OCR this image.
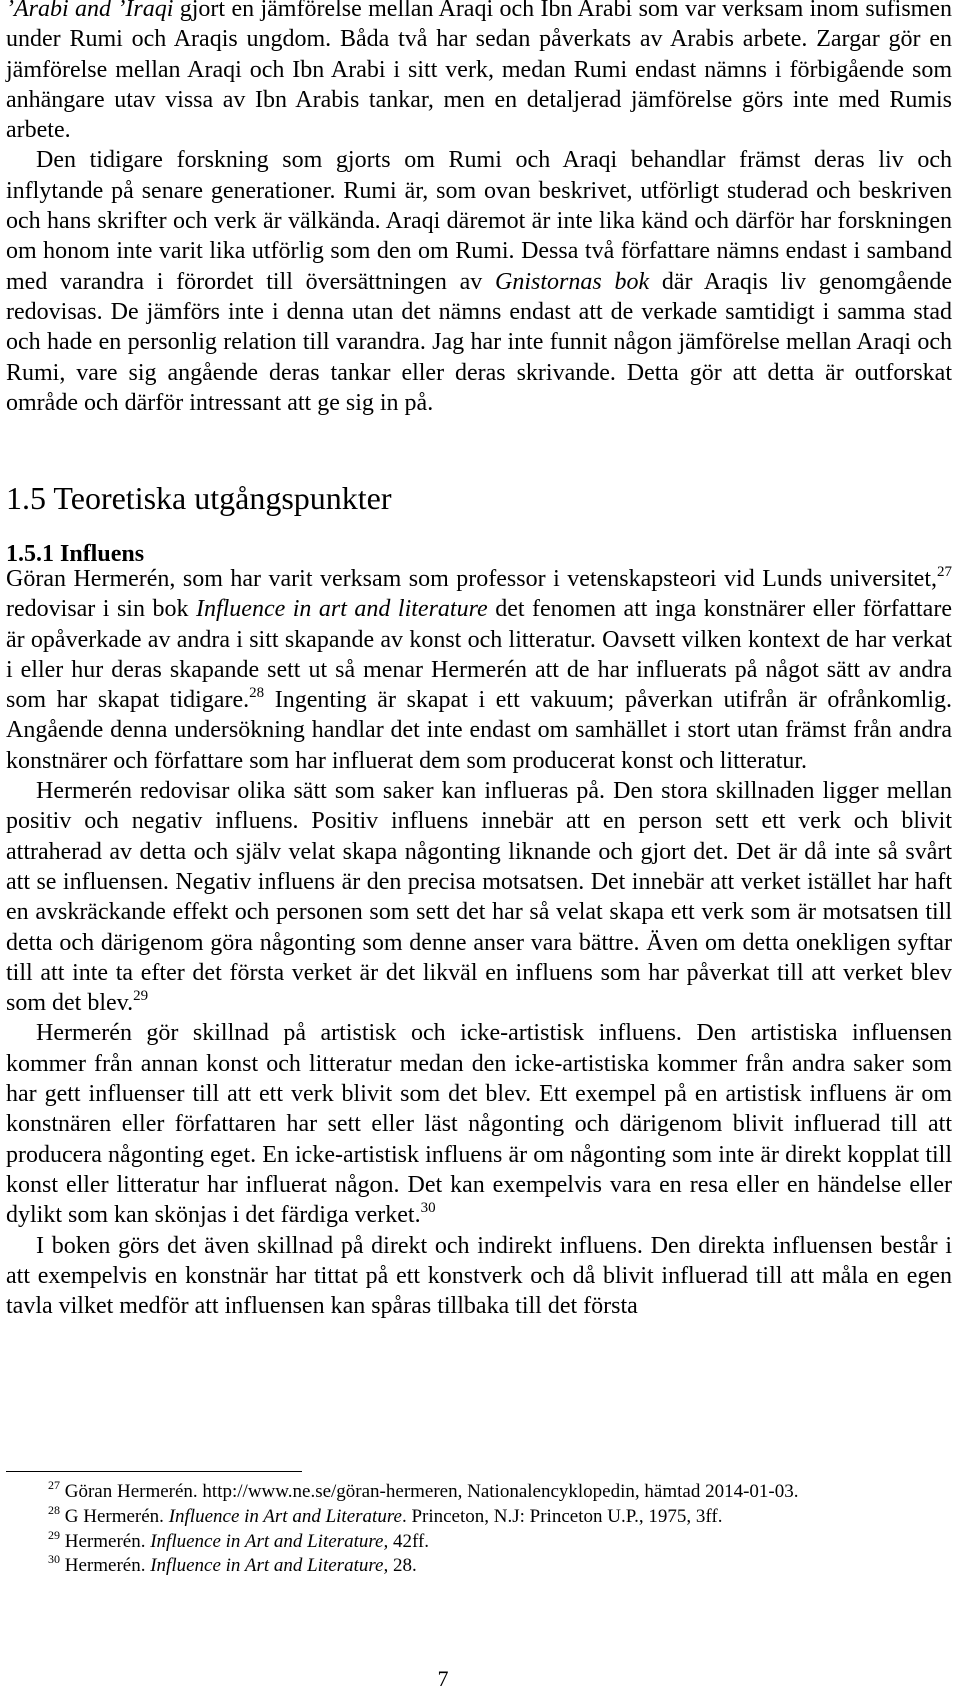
’Arabi and ’Iraqi gjort en jämförelse mellan Araqi och Ibn Arabi som var verksam inom sufismen under Rumi och Araqis ungdom. Båda två har sedan påverkats av Arabis arbete. Zargar gör en jämförelse mellan Araqi och Ibn Arabi i sitt verk, medan Rumi endast nämns i förbigående som anhängare utav vissa av Ibn Arabis tankar, men en detaljerad jämförelse görs inte med Rumis arbete.

Den tidigare forskning som gjorts om Rumi och Araqi behandlar främst deras liv och inflytande på senare generationer. Rumi är, som ovan beskrivet, utförligt studerad och beskriven och hans skrifter och verk är välkända. Araqi däremot är inte lika känd och därför har forskningen om honom inte varit lika utförlig som den om Rumi. Dessa två författare nämns endast i samband med varandra i förordet till översättningen av Gnistornas bok där Araqis liv genomgående redovisas. De jämförs inte i denna utan det nämns endast att de verkade samtidigt i samma stad och hade en personlig relation till varandra. Jag har inte funnit någon jämförelse mellan Araqi och Rumi, vare sig angående deras tankar eller deras skrivande. Detta gör att detta är outforskat område och därför intressant att ge sig in på.

1.5 Teoretiska utgångspunkter
1.5.1 Influens

Göran Hermerén, som har varit verksam som professor i vetenskapsteori vid Lunds universitet,$^{27}$ redovisar i sin bok Influence in art and literature det fenomen att inga konstnärer eller författare är opåverkade av andra i sitt skapande av konst och litteratur. Oavsett vilken kontext de har verkat i eller hur deras skapande sett ut så menar Hermerén att de har influerats på något sätt av andra som har skapat tidigare.$^{28}$ Ingenting är skapat i ett vakuum; påverkan utifrån är ofrånkomlig. Angående denna undersökning handlar det inte endast om samhället i stort utan främst från andra konstnärer och författare som har influerat dem som producerat konst och litteratur.

Hermerén redovisar olika sätt som saker kan influeras på. Den stora skillnaden ligger mellan positiv och negativ influens. Positiv influens innebär att en person sett ett verk och blivit attraherad av detta och själv velat skapa någonting liknande och gjort det. Det är då inte så svårt att se influensen. Negativ influens är den precisa motsatsen. Det innebär att verket istället har haft en avskräckande effekt och personen som sett det har så velat skapa ett verk som är motsatsen till detta och därigenom göra någonting som denne anser vara bättre. Även om detta onekligen syftar till att inte ta efter det första verket är det likväl en influens som har påverkat till att verket blev som det blev.$^{29}$

Hermerén gör skillnad på artistisk och icke-artistisk influens. Den artistiska influensen kommer från annan konst och litteratur medan den icke-artistiska kommer från andra saker som har gett influenser till att ett verk blivit som det blev. Ett exempel på en artistisk influens är om konstnären eller författaren har sett eller läst någonting och därigenom blivit influerad till att producera någonting eget. En icke-artistisk influens är om någonting som inte är direkt kopplat till konst eller litteratur har influerat någon. Det kan exempelvis vara en resa eller en händelse eller dylikt som kan skönjas i det färdiga verket.$^{30}$

I boken görs det även skillnad på direkt och indirekt influens. Den direkta influensen består i att exempelvis en konstnär har tittat på ett konstverk och då blivit influerad till att måla en egen tavla vilket medför att influensen kan spåras tillbaka till det första

$^{27}$ Göran Hermerén. http://www.ne.se/göran-hermeren, Nationalencyklopedin, hämtad 2014-01-03.

$^{28}$ G Hermerén. Influence in Art and Literature. Princeton, N.J: Princeton U.P., 1975, 3ff.

$^{29}$ Hermerén. Influence in Art and Literature, 42ff.

$^{30}$ Hermerén. Influence in Art and Literature, 28.

7
